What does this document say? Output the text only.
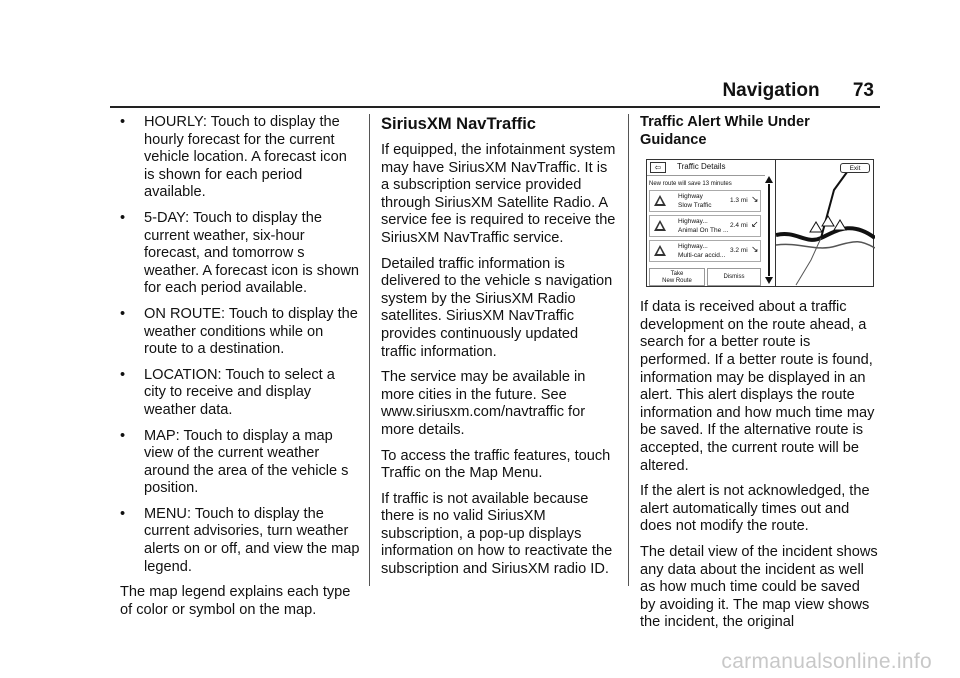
Navigation 73
•	HOURLY: Touch to display the hourly forecast for the current vehicle location. A forecast icon is shown for each period available.
•	5-DAY: Touch to display the current weather, six-hour forecast, and tomorrow s weather. A forecast icon is shown for each period available.
•	ON ROUTE: Touch to display the weather conditions while on route to a destination.
•	LOCATION: Touch to select a city to receive and display weather data.
•	MAP: Touch to display a map view of the current weather around the area of the vehicle s position.
•	MENU: Touch to display the current advisories, turn weather alerts on or off, and view the map legend.

The map legend explains each type of color or symbol on the map.

SiriusXM NavTraffic

If equipped, the infotainment system may have SiriusXM NavTraffic. It is a subscription service provided through SiriusXM Satellite Radio. A service fee is required to receive the SiriusXM NavTraffic service.

Detailed traffic information is delivered to the vehicle s navigation system by the SiriusXM Radio satellites. SiriusXM NavTraffic provides continuously updated traffic information.

The service may be available in more cities in the future. See www.siriusxm.com/navtraffic for more details.

To access the traffic features, touch Traffic on the Map Menu.

If traffic is not available because there is no valid SiriusXM subscription, a pop-up displays information on how to reactivate the subscription and SiriusXM radio ID.

Traffic Alert While Under Guidance
⇦	Traffic Details
New route will save 13 minutes
Highway
Slow Traffic
1.3 mi ↘
Highway...
Animal On The ...
2.4 mi ↙
Highway...
Multi-car accid...
3.2 mi ↘
Take
New Route
Dismiss
Exit

If data is received about a traffic development on the route ahead, a search for a better route is performed. If a better route is found, information may be displayed in an alert. This alert displays the route information and how much time may be saved. If the alternative route is accepted, the current route will be altered.

If the alert is not acknowledged, the alert automatically times out and does not modify the route.

The detail view of the incident shows any data about the incident as well as how much time could be saved by avoiding it. The map view shows the incident, the original

carmanualsonline.info
